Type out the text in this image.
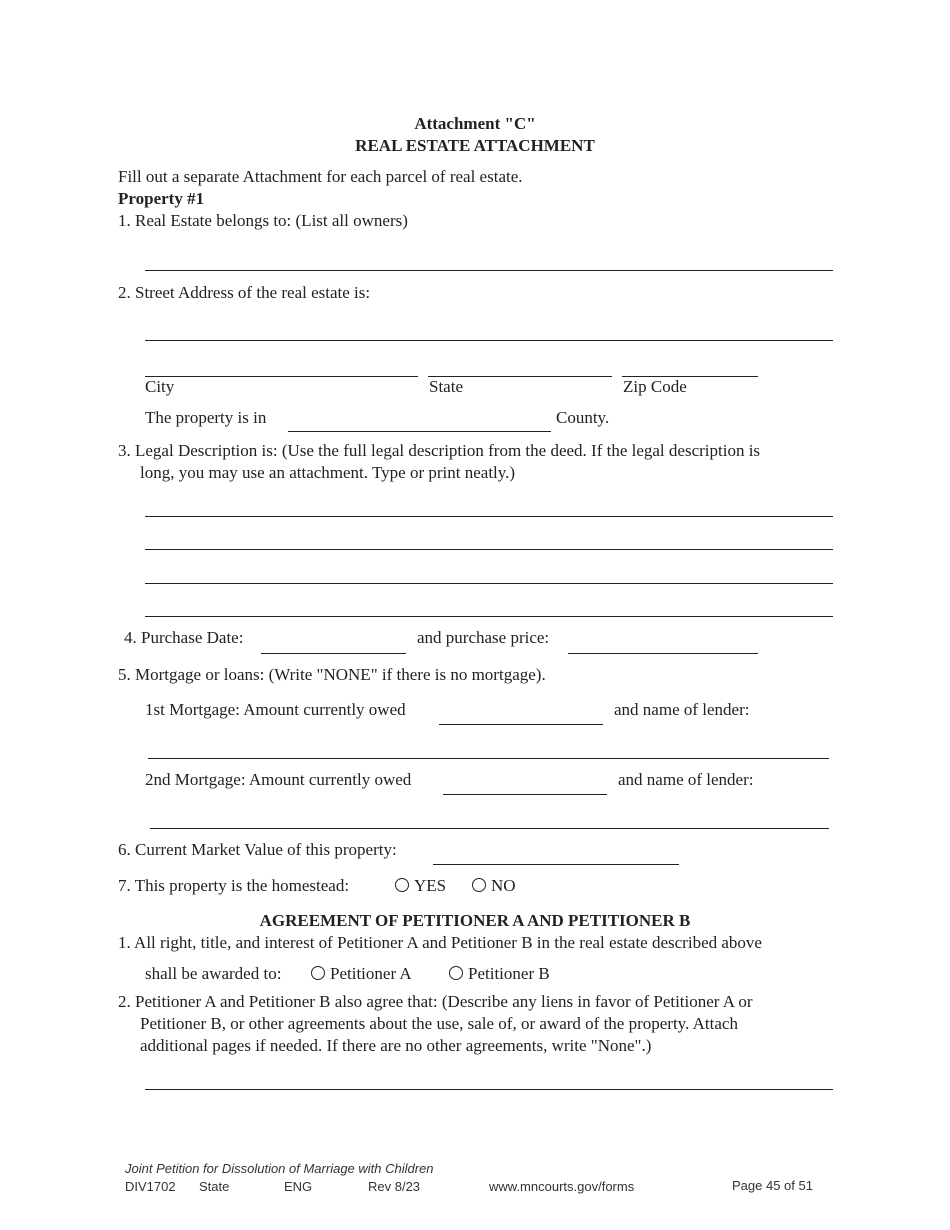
Attachment "C"
REAL ESTATE ATTACHMENT
Fill out a separate Attachment for each parcel of real estate.
Property #1
1. Real Estate belongs to: (List all owners)
2. Street Address of the real estate is:
City	State	Zip Code
The property is in	County.
3. Legal Description is: (Use the full legal description from the deed. If the legal description is
long, you may use an attachment. Type or print neatly.)
4. Purchase Date:	and purchase price:
5. Mortgage or loans: (Write "NONE" if there is no mortgage).
1st Mortgage: Amount currently owed	and name of lender:
2nd Mortgage: Amount currently owed	and name of lender:
6. Current Market Value of this property:
7. This property is the homestead:	YES	NO
AGREEMENT OF PETITIONER A AND PETITIONER B
1. All right, title, and interest of Petitioner A and Petitioner B in the real estate described above
shall be awarded to:	Petitioner A	Petitioner B
2. Petitioner A and Petitioner B also agree that: (Describe any liens in favor of Petitioner A or
Petitioner B, or other agreements about the use, sale of, or award of the property. Attach
additional pages if needed. If there are no other agreements, write "None".)
Joint Petition for Dissolution of Marriage with Children
DIV1702 State	ENG	Rev 8/23	www.mncourts.gov/forms	Page 45 of 51
